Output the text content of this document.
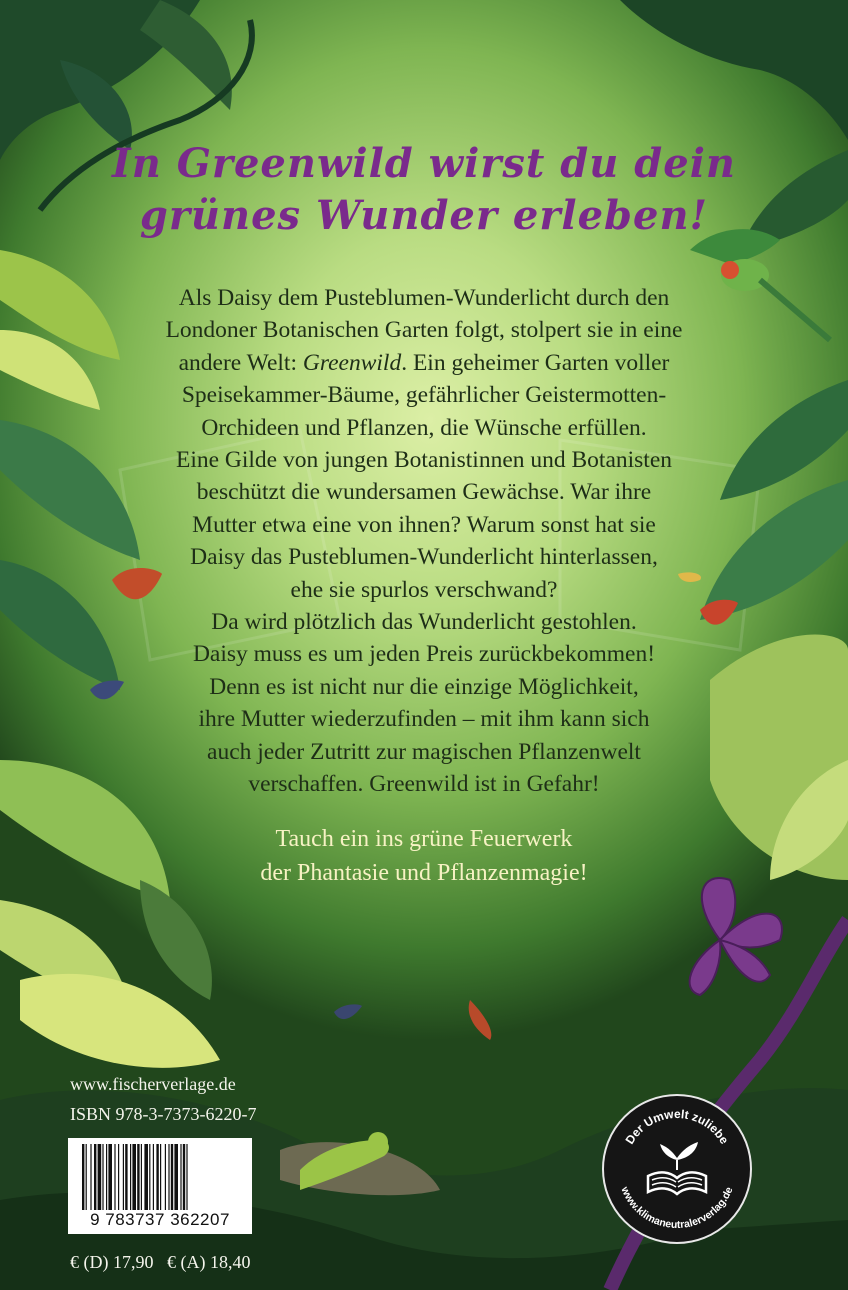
In Greenwild wirst du dein
grünes Wunder erleben!
Als Daisy dem Pusteblumen-Wunderlicht durch den
Londoner Botanischen Garten folgt, stolpert sie in eine
andere Welt: Greenwild. Ein geheimer Garten voller
Speisekammer-Bäume, gefährlicher Geistermotten-
Orchideen und Pflanzen, die Wünsche erfüllen.
Eine Gilde von jungen Botanistinnen und Botanisten
beschützt die wundersamen Gewächse. War ihre
Mutter etwa eine von ihnen? Warum sonst hat sie
Daisy das Pusteblumen-Wunderlicht hinterlassen,
ehe sie spurlos verschwand?
Da wird plötzlich das Wunderlicht gestohlen.
Daisy muss es um jeden Preis zurückbekommen!
Denn es ist nicht nur die einzige Möglichkeit,
ihre Mutter wiederzufinden – mit ihm kann sich
auch jeder Zutritt zur magischen Pflanzenwelt
verschaffen. Greenwild ist in Gefahr!
Tauch ein ins grüne Feuerwerk
der Phantasie und Pflanzenmagie!
www.fischerverlage.de
ISBN 978-3-7373-6220-7
9 783737 362207
€ (D) 17,90   € (A) 18,40
Der Umwelt zuliebe
www.klimaneutralerverlag.de
